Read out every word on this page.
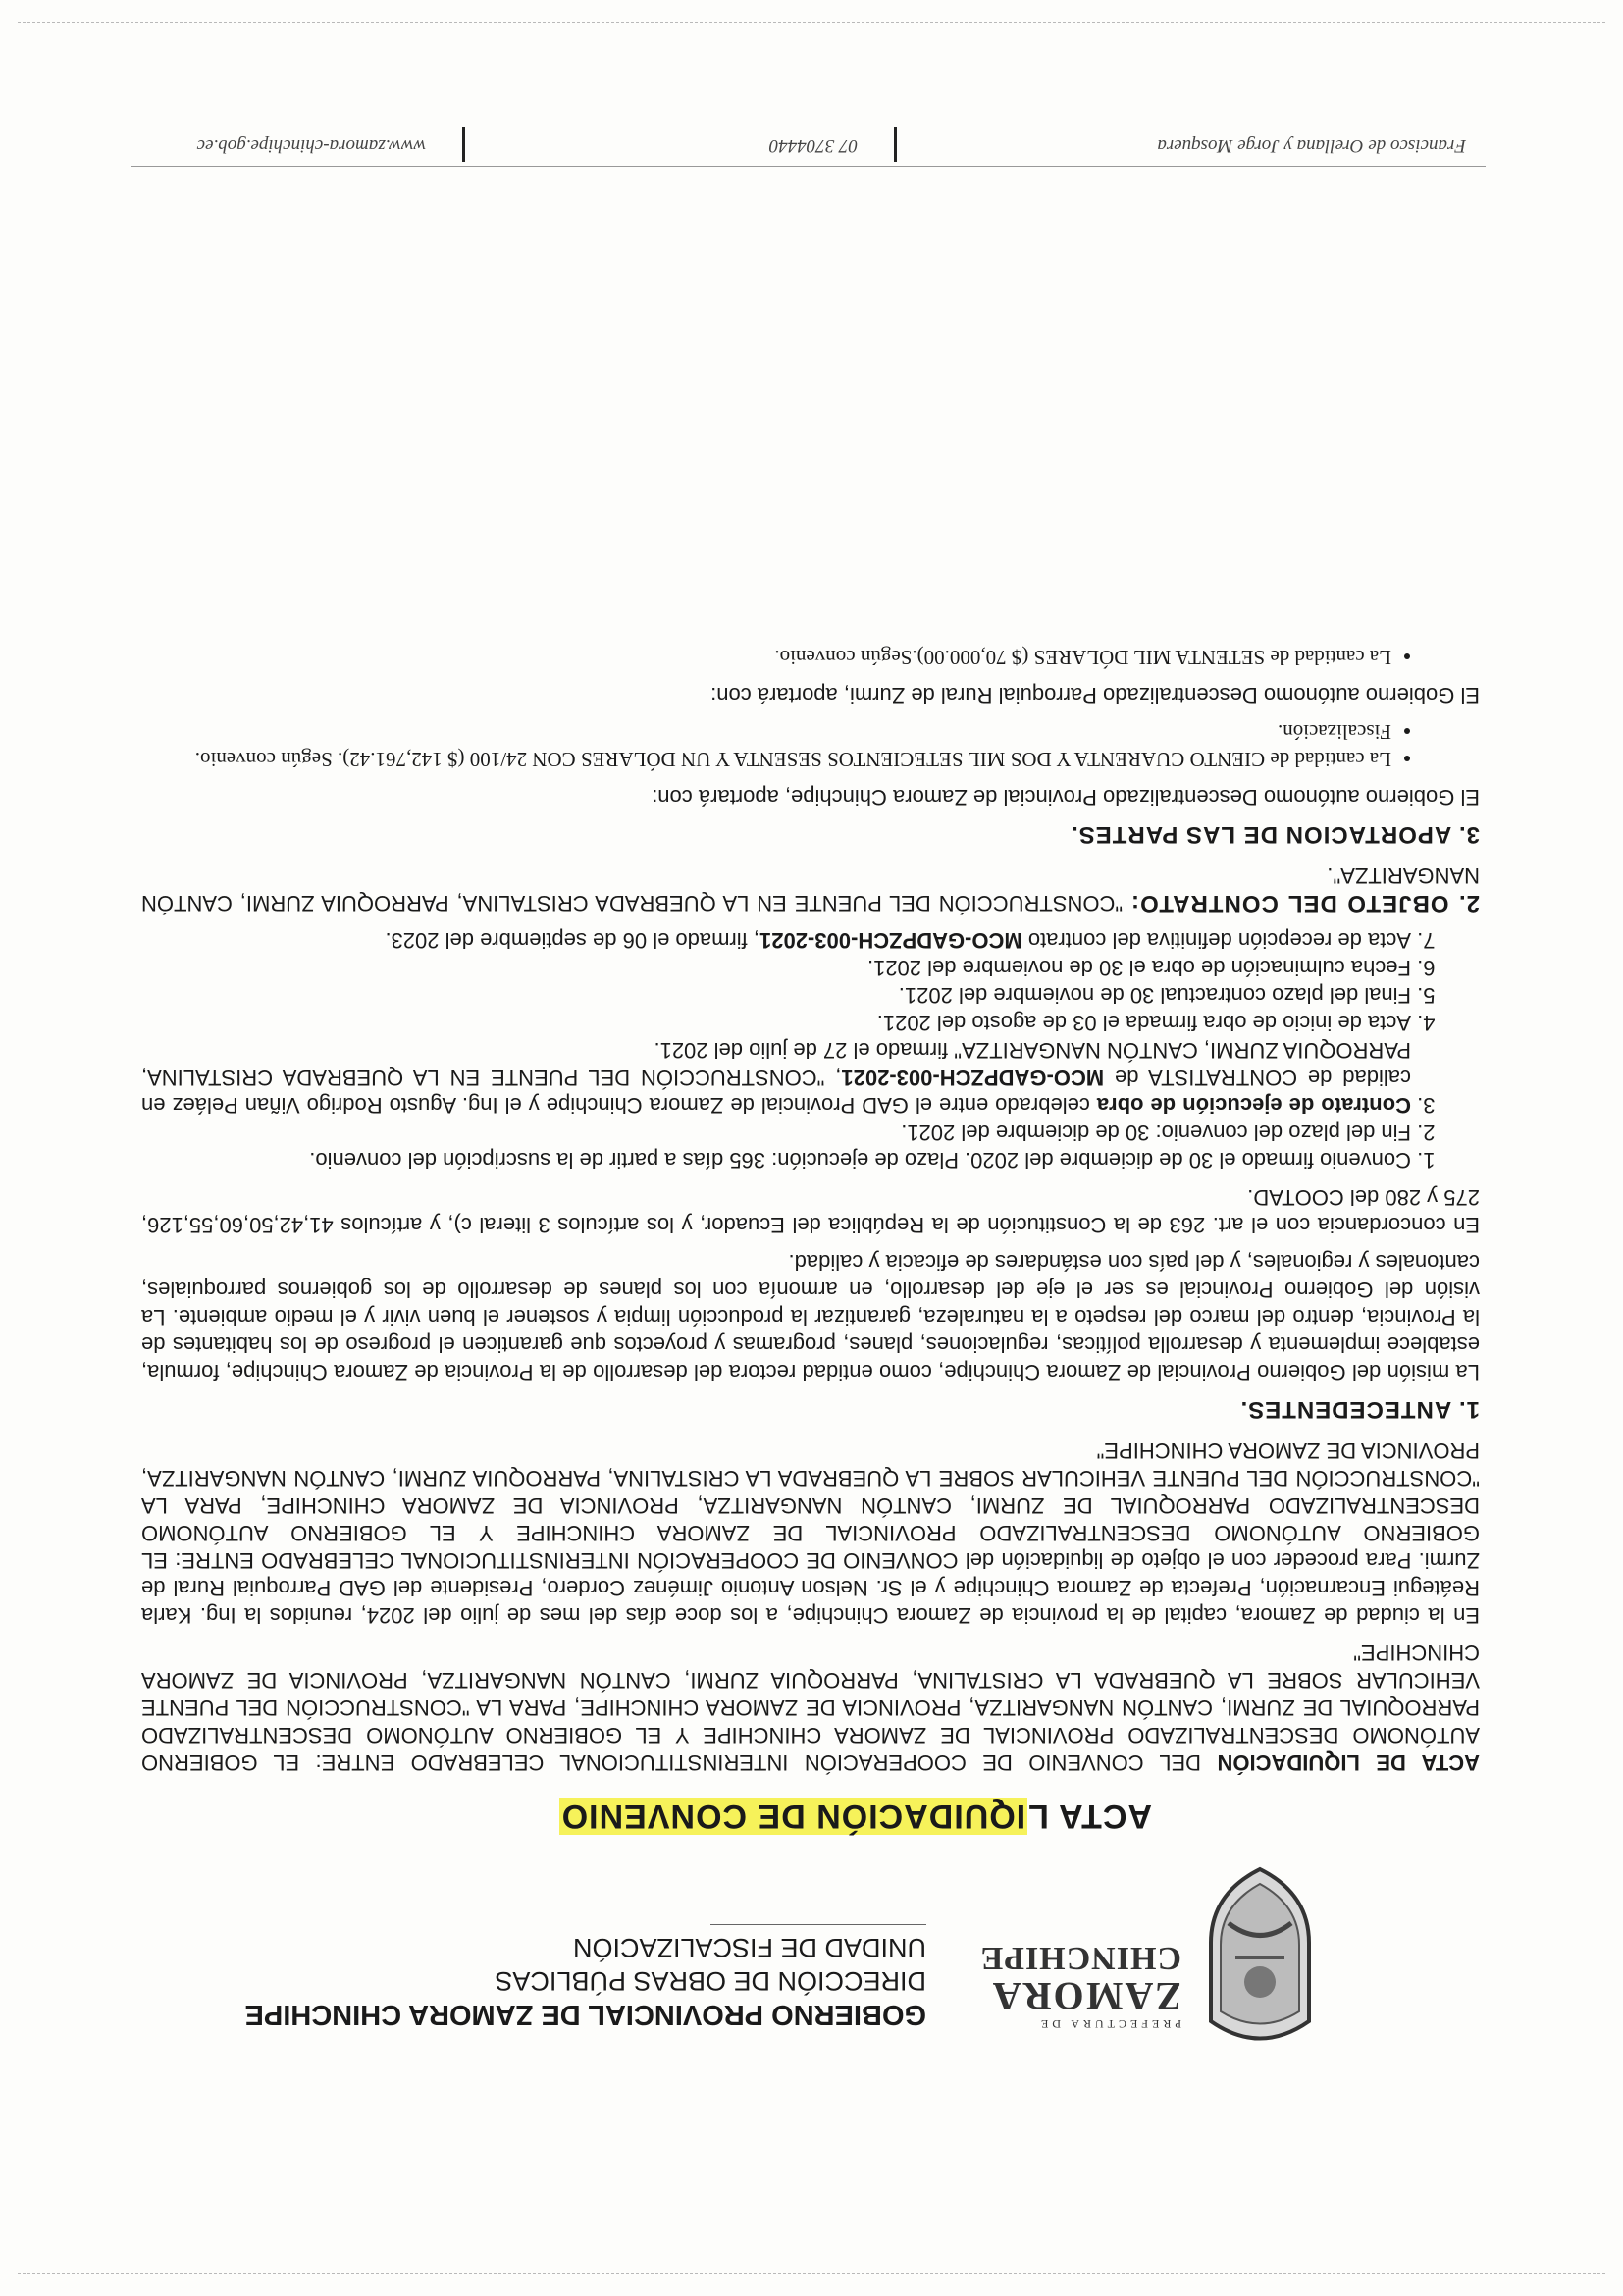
PREFECTURA DE
ZAMORA
CHINCHIPE
GOBIERNO PROVINCIAL DE ZAMORA CHINCHIPE
DIRECCIÓN DE OBRAS PÚBLICAS
UNIDAD DE FISCALIZACIÓN
ACTA LIQUIDACIÓN DE CONVENIO

ACTA DE LIQUIDACIÓN DEL CONVENIO DE COOPERACIÓN INTERINSTITUCIONAL CELEBRADO ENTRE: EL GOBIERNO AUTÓNOMO DESCENTRALIZADO PROVINCIAL DE ZAMORA CHINCHIPE Y EL GOBIERNO AUTÓNOMO DESCENTRALIZADO PARROQUIAL DE ZURMI, CANTÓN NANGARITZA, PROVINCIA DE ZAMORA CHINCHIPE, PARA LA "CONSTRUCCIÓN DEL PUENTE VEHICULAR SOBRE LA QUEBRADA LA CRISTALINA, PARROQUIA ZURMI, CANTÓN NANGARITZA, PROVINCIA DE ZAMORA CHINCHIPE"

En la ciudad de Zamora, capital de la provincia de Zamora Chinchipe, a los doce días del mes de julio del 2024, reunidos la Ing. Karla Reátegui Encarnación, Prefecta de Zamora Chinchipe y el Sr. Nelson Antonio Jiménez Cordero, Presidente del GAD Parroquial Rural de Zurmi. Para proceder con el objeto de liquidación del CONVENIO DE COOPERACIÓN INTERINSTITUCIONAL CELEBRADO ENTRE: EL GOBIERNO AUTÓNOMO DESCENTRALIZADO PROVINCIAL DE ZAMORA CHINCHIPE Y EL GOBIERNO AUTÓNOMO DESCENTRALIZADO PARROQUIAL DE ZURMI, CANTÓN NANGARITZA, PROVINCIA DE ZAMORA CHINCHIPE, PARA LA "CONSTRUCCIÓN DEL PUENTE VEHICULAR SOBRE LA QUEBRADA LA CRISTALINA, PARROQUIA ZURMI, CANTÓN NANGARITZA, PROVINCIA DE ZAMORA CHINCHIPE"

1. ANTECEDENTES.

La misión del Gobierno Provincial de Zamora Chinchipe, como entidad rectora del desarrollo de la Provincia de Zamora Chinchipe, formula, establece implementa y desarrolla políticas, regulaciones, planes, programas y proyectos que garanticen el progreso de los habitantes de la Provincia, dentro del marco del respeto a la naturaleza, garantizar la producción limpia y sostener el buen vivir y el medio ambiente. La visión del Gobierno Provincial es ser el eje del desarrollo, en armonía con los planes de desarrollo de los gobiernos parroquiales, cantonales y regionales, y del país con estándares de eficacia y calidad.

En concordancia con el art. 263 de la Constitución de la República del Ecuador, y los artículos 3 literal c), y artículos 41,42,50,60,55,126, 275 y 280 del COOTAD.

1. Convenio firmado el 30 de diciembre del 2020. Plazo de ejecución: 365 días a partir de la suscripción del convenio.
2. Fin del plazo del convenio: 30 de diciembre del 2021.
3. Contrato de ejecución de obra celebrado entre el GAD Provincial de Zamora Chinchipe y el Ing. Agusto Rodrigo Viñan Peláez en calidad de CONTRATISTA de MCO-GADPZCH-003-2021, "CONSTRUCCIÓN DEL PUENTE EN LA QUEBRADA CRISTALINA, PARROQUIA ZURMI, CANTÓN NANGARITZA" firmado el 27 de julio del 2021.
4. Acta de inicio de obra firmada el 03 de agosto del 2021.
5. Final del plazo contractual 30 de noviembre del 2021.
6. Fecha culminación de obra el 30 de noviembre del 2021.
7. Acta de recepción definitiva del contrato MCO-GADPZCH-003-2021, firmado el 06 de septiembre del 2023.

2. OBJETO DEL CONTRATO: "CONSTRUCCIÓN DEL PUENTE EN LA QUEBRADA CRISTALINA, PARROQUIA ZURMI, CANTÓN NANGARITZA".

3. APORTACION DE LAS PARTES.

El Gobierno autónomo Descentralizado Provincial de Zamora Chinchipe, aportará con:

• La cantidad de CIENTO CUARENTA Y DOS MIL SETECIENTOS SESENTA Y UN DÓLARES CON 24/100 ($ 142,761.42). Según convenio.
• Fiscalización.

El Gobierno autónomo Descentralizado Parroquial Rural de Zurmi, aportará con:

• La cantidad de SETENTA MIL DÓLARES ($ 70,000.00).Según convenio.
Francisco de Orellana y Jorge Mosquera
07 3704440
www.zamora-chinchipe.gob.ec
